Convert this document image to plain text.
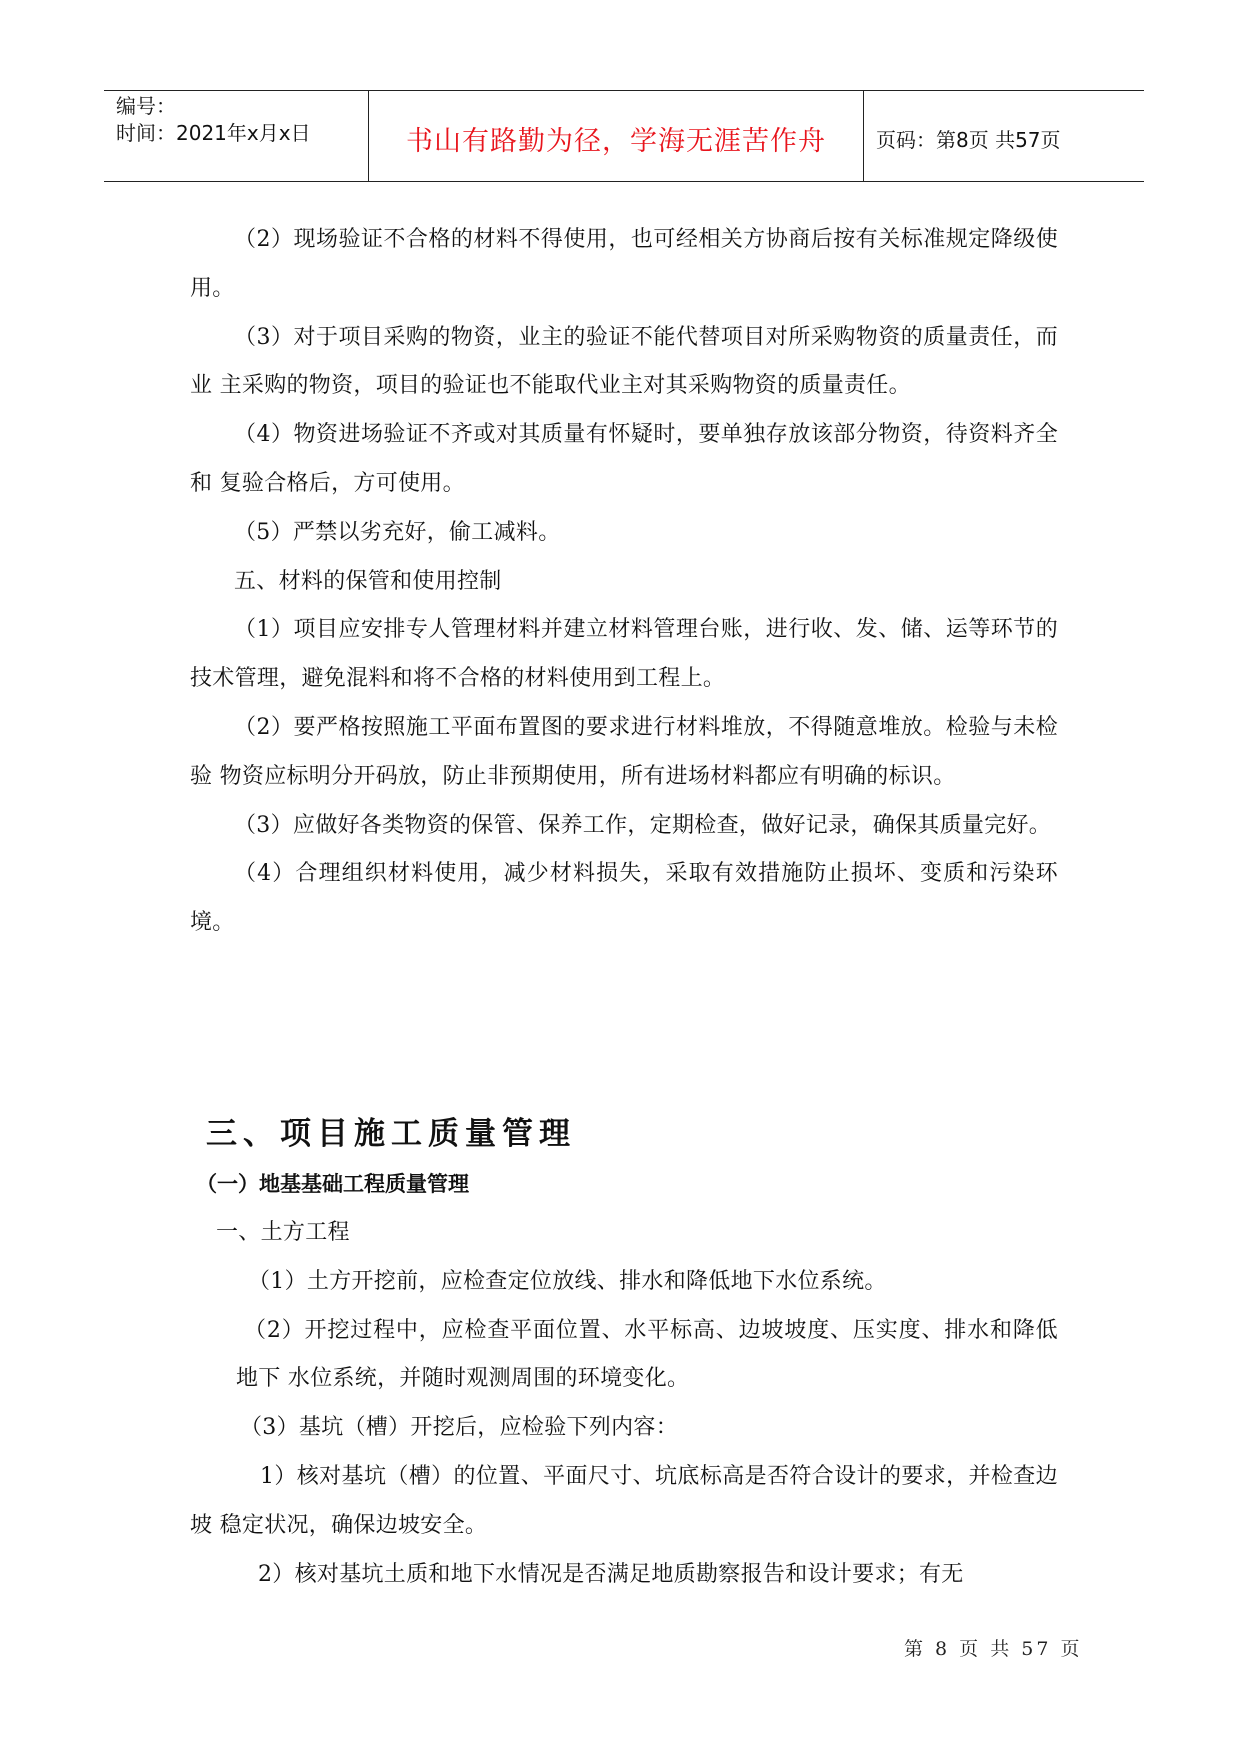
编号：
时间：2021年x月x日	书山有路勤为径，学海无涯苦作舟	页码：第8页 共57页

（2）现场验证不合格的材料不得使用，也可经相关方协商后按有关标准规定降级使用。

（3）对于项目采购的物资，业主的验证不能代替项目对所采购物资的质量责任，而业 主采购的物资，项目的验证也不能取代业主对其采购物资的质量责任。

（4）物资进场验证不齐或对其质量有怀疑时，要单独存放该部分物资，待资料齐全和 复验合格后，方可使用。

（5）严禁以劣充好，偷工减料。

五、材料的保管和使用控制

（1）项目应安排专人管理材料并建立材料管理台账，进行收、发、储、运等环节的技术管理，避免混料和将不合格的材料使用到工程上。

（2）要严格按照施工平面布置图的要求进行材料堆放，不得随意堆放。检验与未检验 物资应标明分开码放，防止非预期使用，所有进场材料都应有明确的标识。

（3）应做好各类物资的保管、保养工作，定期检查，做好记录，确保其质量完好。

（4）合理组织材料使用，减少材料损失，采取有效措施防止损坏、变质和污染环境。

三、项目施工质量管理
（一）地基基础工程质量管理

一、土方工程

（1）土方开挖前，应检查定位放线、排水和降低地下水位系统。

（2）开挖过程中，应检查平面位置、水平标高、边坡坡度、压实度、排水和降低地下 水位系统，并随时观测周围的环境变化。

（3）基坑（槽）开挖后，应检验下列内容：

1）核对基坑（槽）的位置、平面尺寸、坑底标高是否符合设计的要求，并检查边坡 稳定状况，确保边坡安全。

2）核对基坑土质和地下水情况是否满足地质勘察报告和设计要求；有无

第 8 页 共 57 页
